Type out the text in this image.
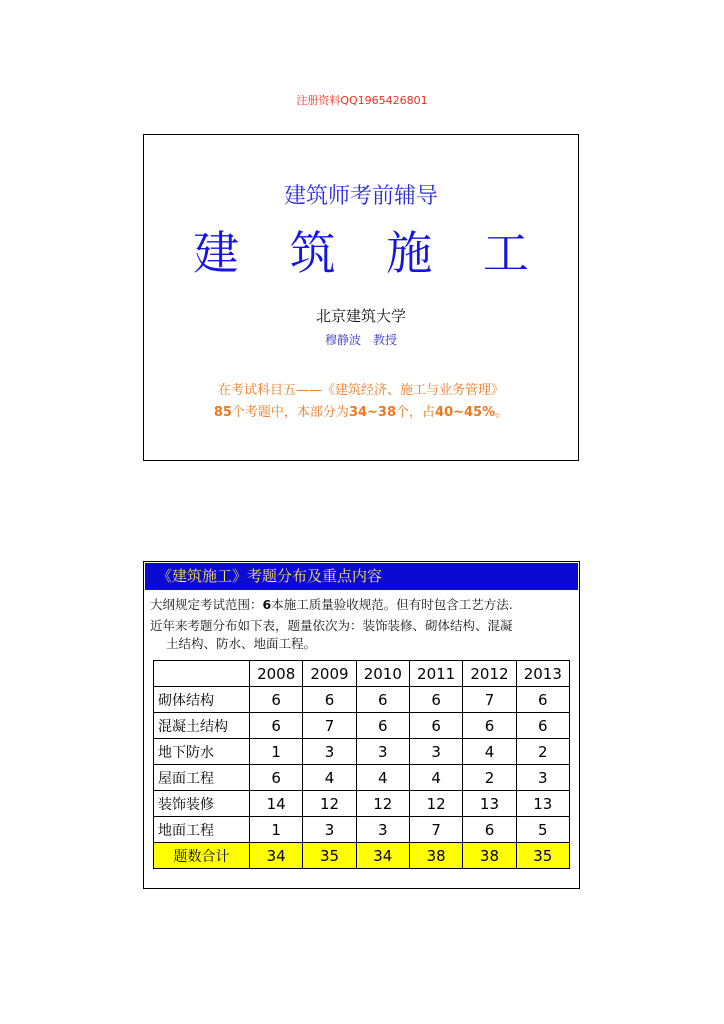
注册资料QQ1965426801
建筑师考前辅导
建 筑 施 工
北京建筑大学
穆静波 教授
在考试科目五——《建筑经济、施工与业务管理》
85个考题中，本部分为34~38个，占40~45%。
《建筑施工》考题分布及重点内容
大纲规定考试范围：6本施工质量验收规范。但有时包含工艺方法.
近年来考题分布如下表，题量依次为：装饰装修、砌体结构、混凝
土结构、防水、地面工程。
	2008	2009	2010	2011	2012	2013
砌体结构	6	6	6	6	7	6
混凝土结构	6	7	6	6	6	6
地下防水	1	3	3	3	4	2
屋面工程	6	4	4	4	2	3
装饰装修	14	12	12	12	13	13
地面工程	1	3	3	7	6	5
题数合计	34	35	34	38	38	35
